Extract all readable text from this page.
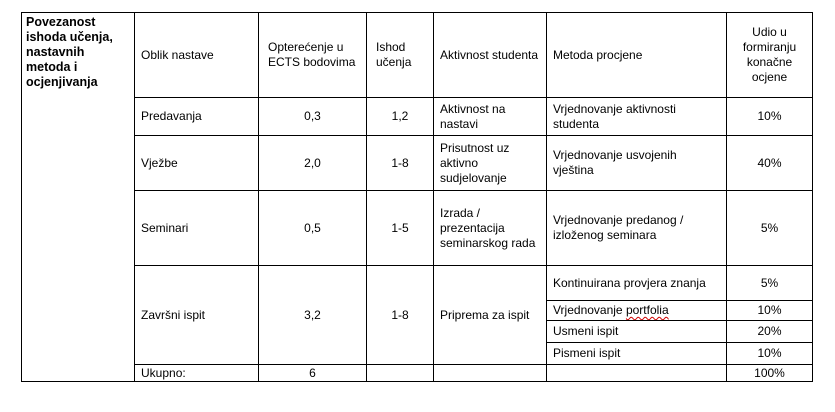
Povezanost ishoda učenja, nastavnih metoda i ocjenjivanja	Oblik nastave	Opterećenje u ECTS bodovima	Ishod učenja	Aktivnost studenta	Metoda procjene	Udio u formiranju konačne ocjene
	Predavanja	0,3	1,2	Aktivnost na nastavi	Vrjednovanje aktivnosti studenta	10%
	Vježbe	2,0	1-8	Prisutnost uz aktivno sudjelovanje	Vrjednovanje usvojenih vještina	40%
	Seminari	0,5	1-5	Izrada / prezentacija seminarskog rada	Vrjednovanje predanog / izloženog seminara	5%
	Završni ispit	3,2	1-8	Priprema za ispit	Kontinuirana provjera znanja	5%
					Vrjednovanje portfolia	10%
					Usmeni ispit	20%
					Pismeni ispit	10%
	Ukupno:	6				100%
